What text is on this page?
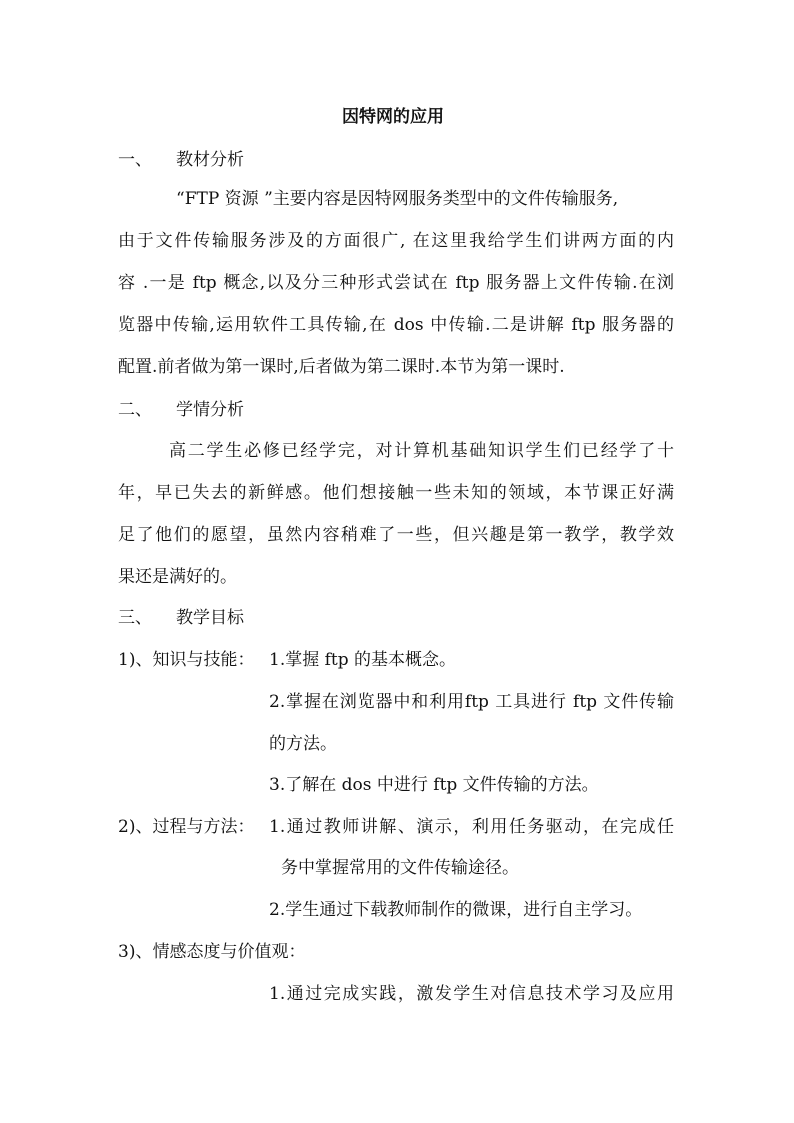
因特网的应用
一、 教材分析
“FTP 资源 ”主要内容是因特网服务类型中的文件传输服务,
由于文件传输服务涉及的方面很广, 在这里我给学生们讲两方面的内
容 .一是 ftp 概念,以及分三种形式尝试在 ftp 服务器上文件传输.在浏
览器中传输,运用软件工具传输,在 dos 中传输.二是讲解 ftp 服务器的
配置.前者做为第一课时,后者做为第二课时.本节为第一课时.
二、 学情分析
高二学生必修已经学完，对计算机基础知识学生们已经学了十
年，早已失去的新鲜感。他们想接触一些未知的领域，本节课正好满
足了他们的愿望，虽然内容稍难了一些，但兴趣是第一教学，教学效
果还是满好的。
三、 教学目标
1)、知识与技能： 1.掌握 ftp 的基本概念。
2.掌握在浏览器中和利用ftp 工具进行 ftp 文件传输
的方法。
3.了解在 dos 中进行 ftp 文件传输的方法。
2)、过程与方法： 1.通过教师讲解、演示，利用任务驱动，在完成任
务中掌握常用的文件传输途径。
2.学生通过下载教师制作的微课，进行自主学习。
3)、情感态度与价值观：
1.通过完成实践，激发学生对信息技术学习及应用
